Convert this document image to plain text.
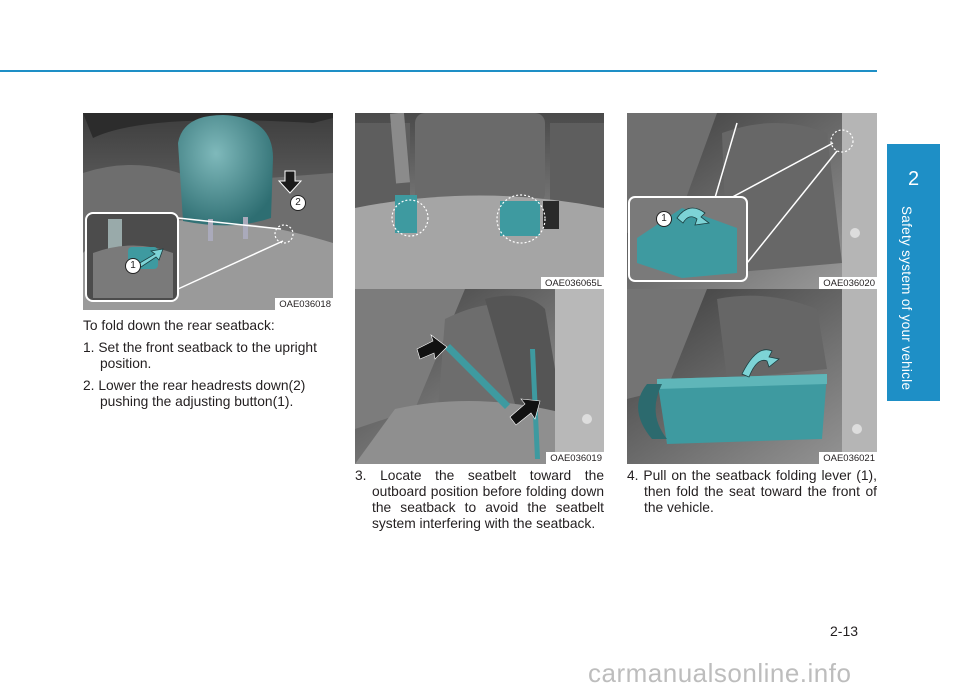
1
2
OAE036018
OAE036065L
OAE036019
1
OAE036020
OAE036021

To fold down the rear seatback:

1. Set the front seatback to the upright position.

2. Lower the rear headrests down(2) pushing the adjusting button(1).

3. Locate the seatbelt toward the outboard position before folding down the seatback to avoid the seatbelt system interfering with the seatback.

4. Pull on the seatback folding lever (1), then fold the seat toward the front of the vehicle.

2
Safety system of your vehicle
2-13
carmanualsonline.info
